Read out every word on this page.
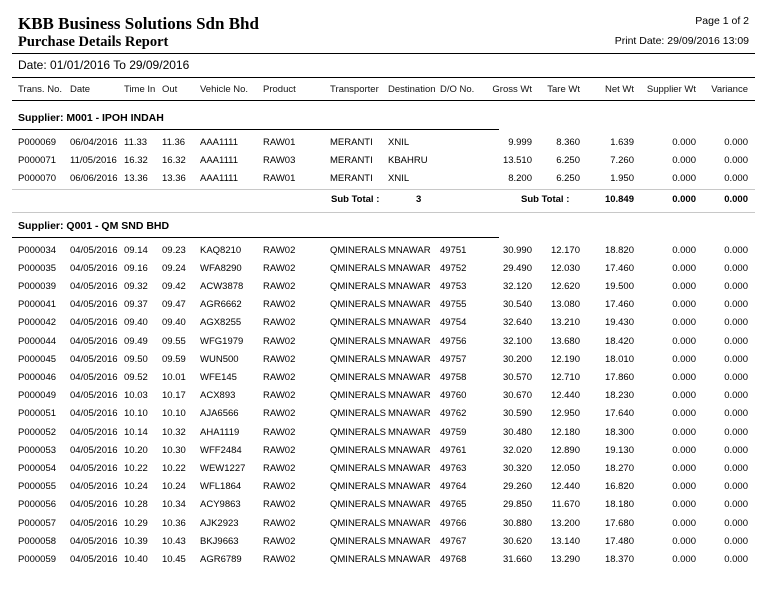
KBB Business Solutions Sdn Bhd
Purchase Details Report
Page 1 of 2
Print Date: 29/09/2016 13:09
Date: 01/01/2016 To 29/09/2016
Trans. No. Date	Time In Out Vehicle No. Product	Transporter Destination D/O No. Gross Wt Tare Wt	Net Wt Supplier Wt Variance
Supplier: M001 - IPOH INDAH
P000069 06/04/2016 11.33 11.36 AAA1111	RAW01	MERANTI XNIL	9.999	8.360	1.639	0.000	0.000
P000071 11/05/2016 16.32 16.32 AAA1111	RAW03	MERANTI KBAHRU	13.510	6.250	7.260	0.000	0.000
P000070 06/06/2016 13.36 13.36 AAA1111	RAW01	MERANTI XNIL	8.200	6.250	1.950	0.000	0.000
Sub Total :	3	Sub Total :	10.849	0.000	0.000
Supplier: Q001 - QM SND BHD
P000034 04/05/2016 09.14 09.23 KAQ8210 RAW02	QMINERALS MNAWAR 49751	30.990 12.170	18.820	0.000	0.000
P000035 04/05/2016 09.16 09.24 WFA8290 RAW02	QMINERALS MNAWAR 49752	29.490 12.030	17.460	0.000	0.000
P000039 04/05/2016 09.32 09.42 ACW3878 RAW02	QMINERALS MNAWAR 49753	32.120 12.620	19.500	0.000	0.000
P000041 04/05/2016 09.37 09.47 AGR6662 RAW02	QMINERALS MNAWAR 49755	30.540 13.080	17.460	0.000	0.000
P000042 04/05/2016 09.40 09.40 AGX8255 RAW02	QMINERALS MNAWAR 49754	32.640 13.210	19.430	0.000	0.000
P000044 04/05/2016 09.49 09.55 WFG1979 RAW02	QMINERALS MNAWAR 49756	32.100 13.680	18.420	0.000	0.000
P000045 04/05/2016 09.50 09.59 WUN500	RAW02	QMINERALS MNAWAR 49757	30.200 12.190	18.010	0.000	0.000
P000046 04/05/2016 09.52 10.01 WFE145	RAW02	QMINERALS MNAWAR 49758	30.570 12.710	17.860	0.000	0.000
P000049 04/05/2016 10.03 10.17 ACX893	RAW02	QMINERALS MNAWAR 49760	30.670 12.440	18.230	0.000	0.000
P000051 04/05/2016 10.10 10.10 AJA6566	RAW02	QMINERALS MNAWAR 49762	30.590 12.950	17.640	0.000	0.000
P000052 04/05/2016 10.14 10.32 AHA1119 RAW02	QMINERALS MNAWAR 49759	30.480 12.180	18.300	0.000	0.000
P000053 04/05/2016 10.20 10.30 WFF2484 RAW02	QMINERALS MNAWAR 49761	32.020 12.890	19.130	0.000	0.000
P000054 04/05/2016 10.22 10.22 WEW1227 RAW02	QMINERALS MNAWAR 49763	30.320 12.050	18.270	0.000	0.000
P000055 04/05/2016 10.24 10.24 WFL1864 RAW02	QMINERALS MNAWAR 49764	29.260 12.440	16.820	0.000	0.000
P000056 04/05/2016 10.28 10.34 ACY9863 RAW02	QMINERALS MNAWAR 49765	29.850 11.670	18.180	0.000	0.000
P000057 04/05/2016 10.29 10.36 AJK2923	RAW02	QMINERALS MNAWAR 49766	30.880 13.200	17.680	0.000	0.000
P000058 04/05/2016 10.39 10.43 BKJ9663	RAW02	QMINERALS MNAWAR 49767	30.620 13.140	17.480	0.000	0.000
P000059 04/05/2016 10.40 10.45 AGR6789 RAW02	QMINERALS MNAWAR 49768	31.660 13.290	18.370	0.000	0.000
